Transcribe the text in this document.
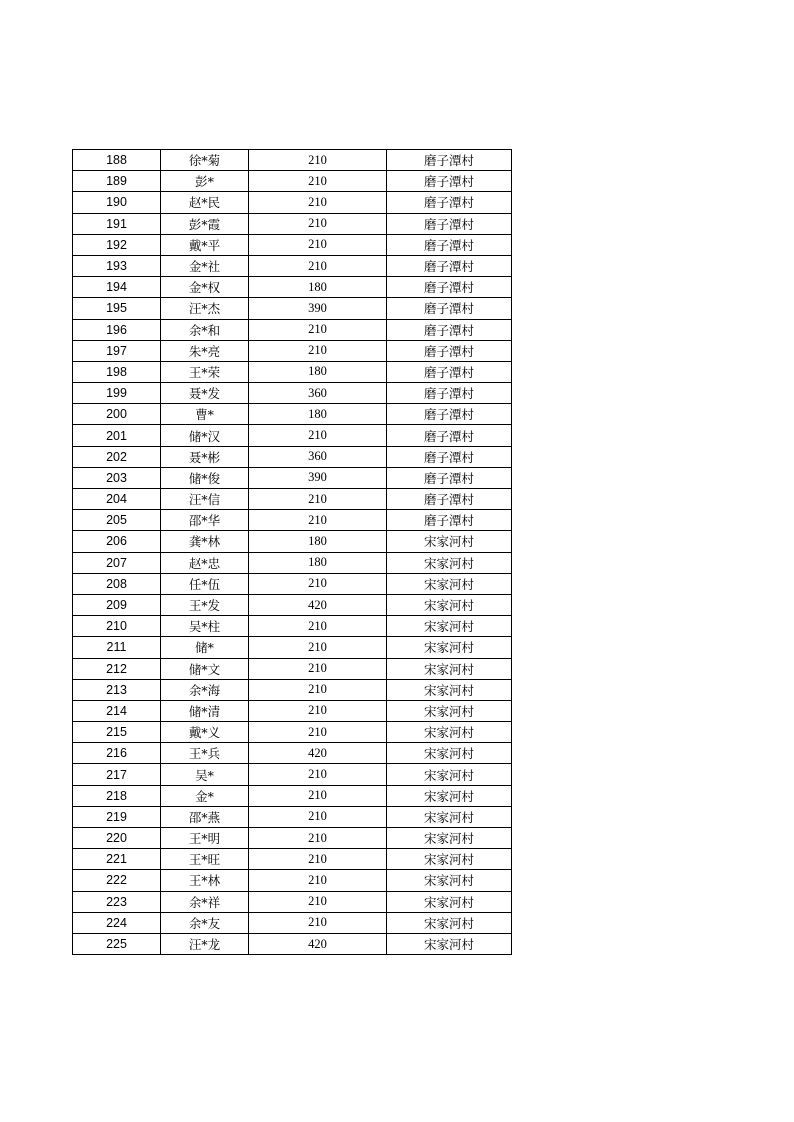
188	徐*菊	210	磨子潭村
189	彭*	210	磨子潭村
190	赵*民	210	磨子潭村
191	彭*霞	210	磨子潭村
192	戴*平	210	磨子潭村
193	金*社	210	磨子潭村
194	金*权	180	磨子潭村
195	汪*杰	390	磨子潭村
196	余*和	210	磨子潭村
197	朱*亮	210	磨子潭村
198	王*荣	180	磨子潭村
199	聂*发	360	磨子潭村
200	曹*	180	磨子潭村
201	储*汉	210	磨子潭村
202	聂*彬	360	磨子潭村
203	储*俊	390	磨子潭村
204	汪*信	210	磨子潭村
205	邵*华	210	磨子潭村
206	龚*林	180	宋家河村
207	赵*忠	180	宋家河村
208	任*伍	210	宋家河村
209	王*发	420	宋家河村
210	吴*柱	210	宋家河村
211	储*	210	宋家河村
212	储*文	210	宋家河村
213	余*海	210	宋家河村
214	储*清	210	宋家河村
215	戴*义	210	宋家河村
216	王*兵	420	宋家河村
217	吴*	210	宋家河村
218	金*	210	宋家河村
219	邵*燕	210	宋家河村
220	王*明	210	宋家河村
221	王*旺	210	宋家河村
222	王*林	210	宋家河村
223	余*祥	210	宋家河村
224	余*友	210	宋家河村
225	汪*龙	420	宋家河村
